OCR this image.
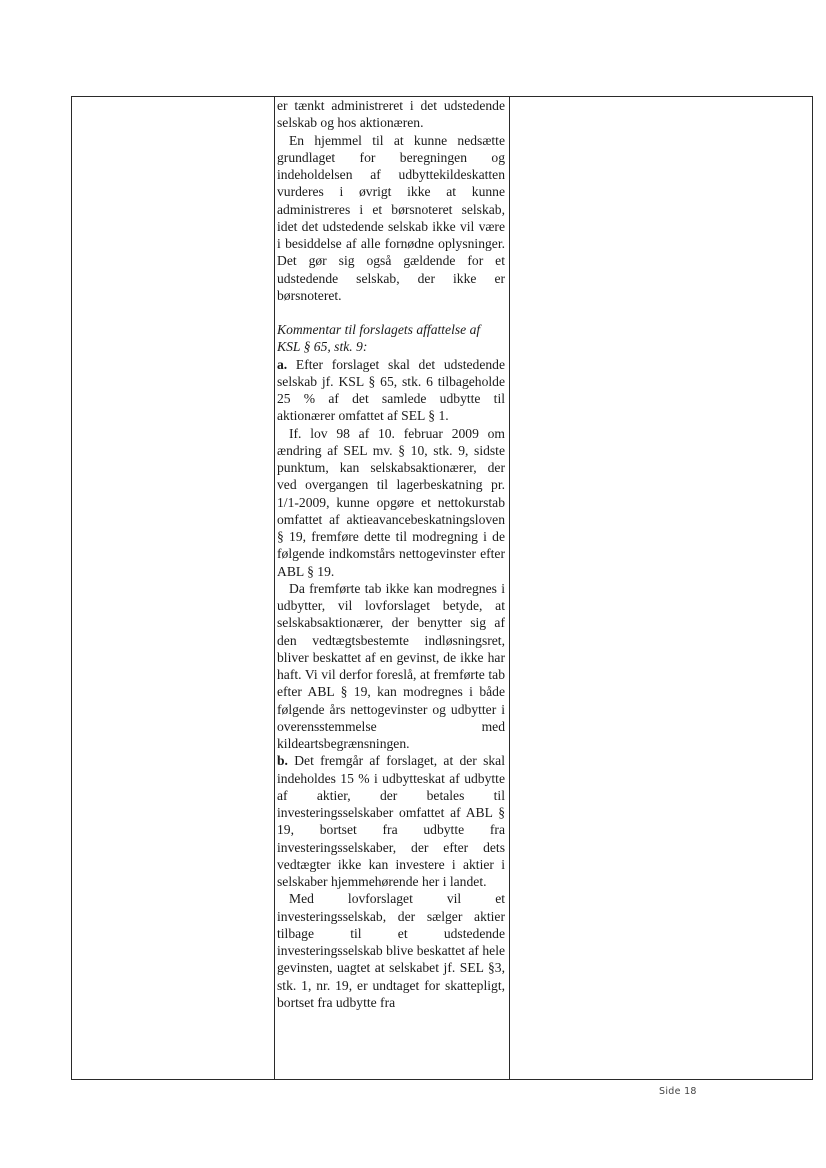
er tænkt administreret i det udstedende selskab og hos aktionæren.

En hjemmel til at kunne nedsætte grundlaget for beregningen og indeholdelsen af udbyttekildeskatten vurderes i øvrigt ikke at kunne administreres i et børsnoteret selskab, idet det udstedende selskab ikke vil være i besiddelse af alle fornødne oplysninger. Det gør sig også gældende for et udstedende selskab, der ikke er børsnoteret.

Kommentar til forslagets affattelse af KSL § 65, stk. 9:

a. Efter forslaget skal det udstedende selskab jf. KSL § 65, stk. 6 tilbageholde 25 % af det samlede udbytte til aktionærer omfattet af SEL § 1.

If. lov 98 af 10. februar 2009 om ændring af SEL mv. § 10, stk. 9, sidste punktum, kan selskabsaktionærer, der ved overgangen til lagerbeskatning pr. 1/1-2009, kunne opgøre et nettokurstab omfattet af aktieavancebeskatningsloven § 19, fremføre dette til modregning i de følgende indkomstårs nettogevinster efter ABL § 19.

Da fremførte tab ikke kan modregnes i udbytter, vil lovforslaget betyde, at selskabsaktionærer, der benytter sig af den vedtægtsbestemte indløsningsret, bliver beskattet af en gevinst, de ikke har haft. Vi vil derfor foreslå, at fremførte tab efter ABL § 19, kan modregnes i både følgende års nettogevinster og udbytter i overensstemmelse med kildeartsbegrænsningen.

b. Det fremgår af forslaget, at der skal indeholdes 15 % i udbytteskat af udbytte af aktier, der betales til investeringsselskaber omfattet af ABL § 19, bortset fra udbytte fra investeringsselskaber, der efter dets vedtægter ikke kan investere i aktier i selskaber hjemmehørende her i landet.

Med lovforslaget vil et investeringsselskab, der sælger aktier tilbage til et udstedende investeringsselskab blive beskattet af hele gevinsten, uagtet at selskabet jf. SEL §3, stk. 1, nr. 19, er undtaget for skattepligt, bortset fra udbytte fra

Side 18
